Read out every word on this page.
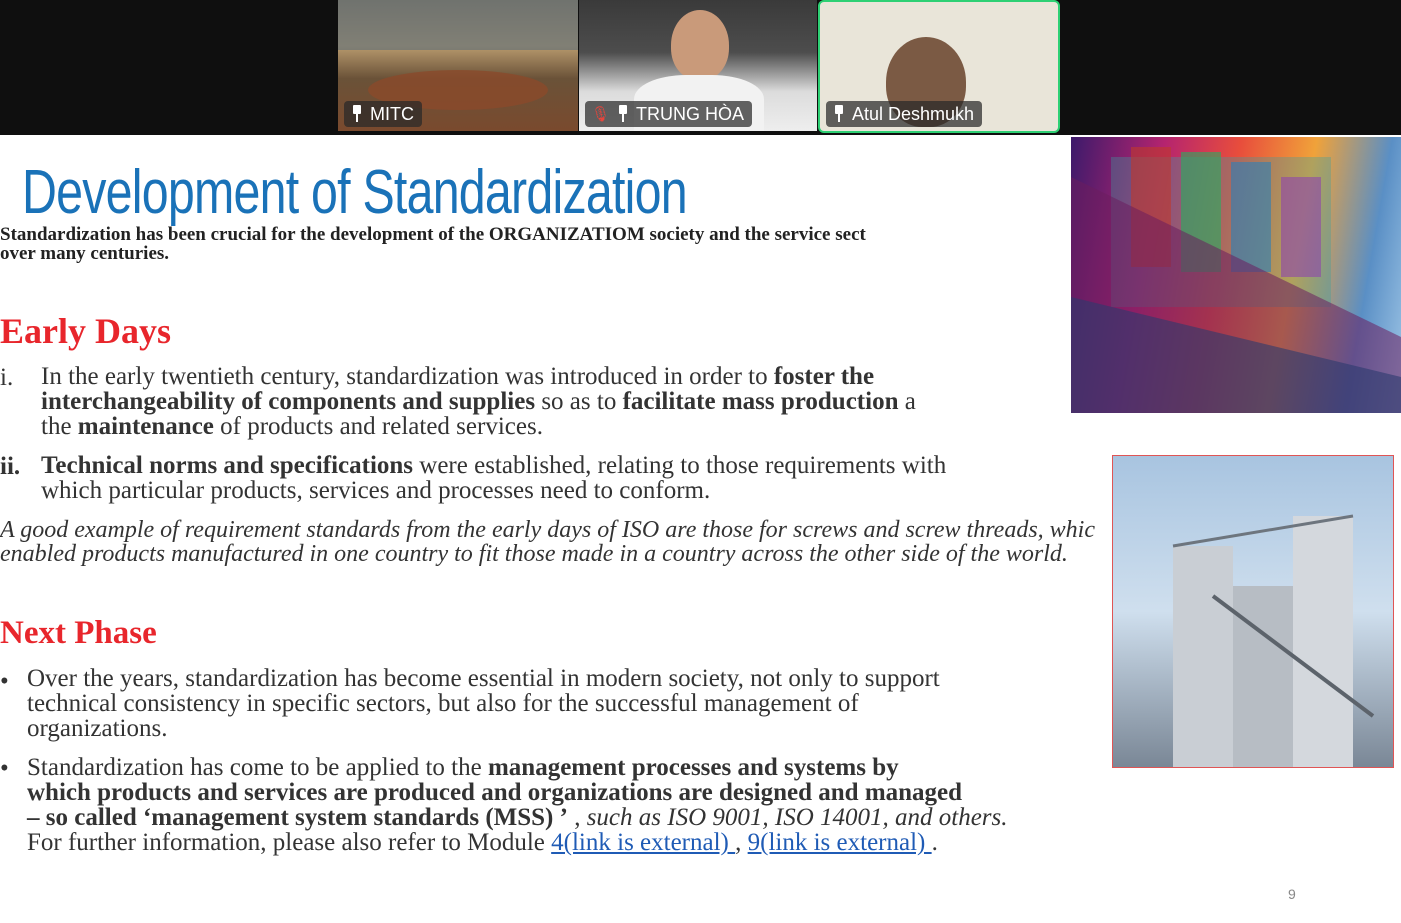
MITC	🎙 TRUNG HÒA	Atul Deshmukh
Development of Standardization
Standardization has been crucial for the development of the ORGANIZATIOM society and the service sect
over many centuries.
Early Days
i. In the early twentieth century, standardization was introduced in order to foster the
interchangeability of components and supplies so as to facilitate mass production a
the maintenance of products and related services.
ii. Technical norms and specifications were established, relating to those requirements with
which particular products, services and processes need to conform.
A good example of requirement standards from the early days of ISO are those for screws and screw threads, whic
enabled products manufactured in one country to fit those made in a country across the other side of the world.
Next Phase
• Over the years, standardization has become essential in modern society, not only to support
technical consistency in specific sectors, but also for the successful management of
organizations.
• Standardization has come to be applied to the management processes and systems by
which products and services are produced and organizations are designed and managed
– so called ‘management system standards (MSS) ’ , such as ISO 9001, ISO 14001, and others.
For further information, please also refer to Module 4(link is external) , 9(link is external) .
9
